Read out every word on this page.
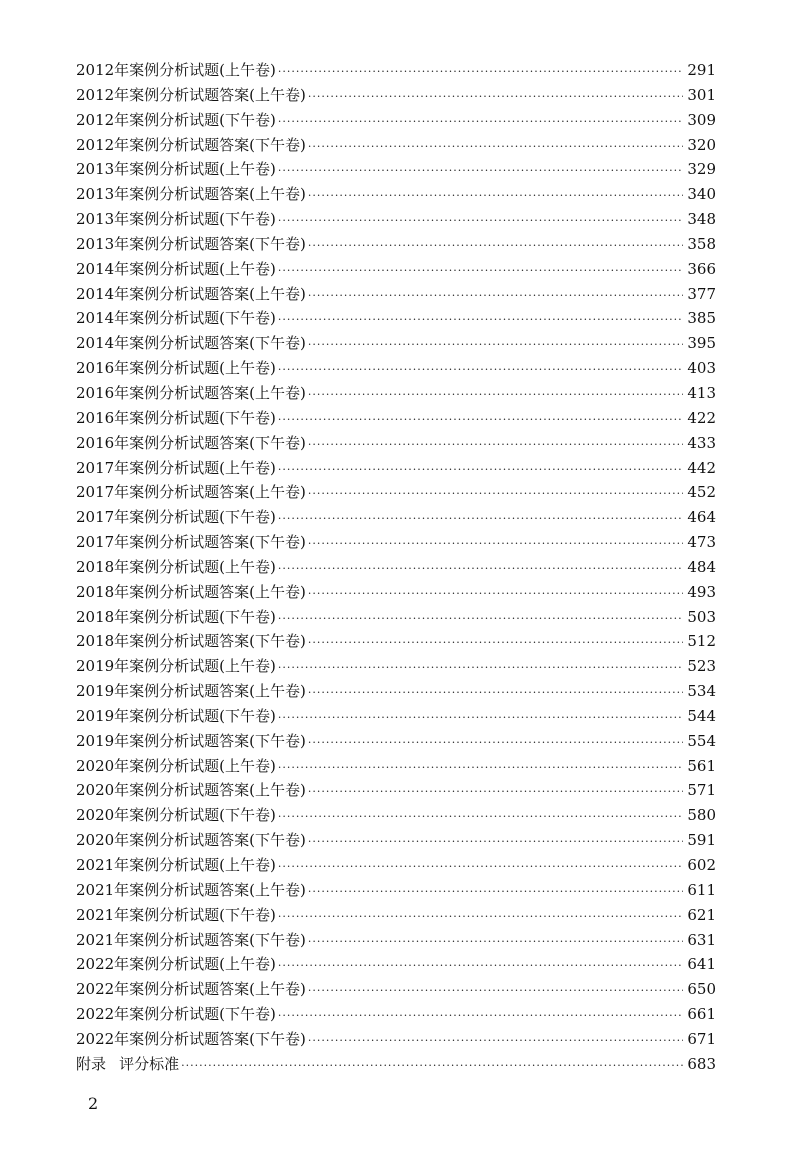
2012年案例分析试题(上午卷) ·····	291
2012年案例分析试题答案(上午卷) ·····	301
2012年案例分析试题(下午卷) ·····	309
2012年案例分析试题答案(下午卷) ·····	320
2013年案例分析试题(上午卷) ·····	329
2013年案例分析试题答案(上午卷) ·····	340
2013年案例分析试题(下午卷) ·····	348
2013年案例分析试题答案(下午卷) ·····	358
2014年案例分析试题(上午卷) ·····	366
2014年案例分析试题答案(上午卷) ·····	377
2014年案例分析试题(下午卷) ·····	385
2014年案例分析试题答案(下午卷) ·····	395
2016年案例分析试题(上午卷) ·····	403
2016年案例分析试题答案(上午卷) ·····	413
2016年案例分析试题(下午卷) ·····	422
2016年案例分析试题答案(下午卷) ·····	433
2017年案例分析试题(上午卷) ·····	442
2017年案例分析试题答案(上午卷) ·····	452
2017年案例分析试题(下午卷) ·····	464
2017年案例分析试题答案(下午卷) ·····	473
2018年案例分析试题(上午卷) ·····	484
2018年案例分析试题答案(上午卷) ·····	493
2018年案例分析试题(下午卷) ·····	503
2018年案例分析试题答案(下午卷) ·····	512
2019年案例分析试题(上午卷) ·····	523
2019年案例分析试题答案(上午卷) ·····	534
2019年案例分析试题(下午卷) ·····	544
2019年案例分析试题答案(下午卷) ·····	554
2020年案例分析试题(上午卷) ·····	561
2020年案例分析试题答案(上午卷) ·····	571
2020年案例分析试题(下午卷) ·····	580
2020年案例分析试题答案(下午卷) ·····	591
2021年案例分析试题(上午卷) ·····	602
2021年案例分析试题答案(上午卷) ·····	611
2021年案例分析试题(下午卷) ·····	621
2021年案例分析试题答案(下午卷) ·····	631
2022年案例分析试题(上午卷) ·····	641
2022年案例分析试题答案(上午卷) ·····	650
2022年案例分析试题(下午卷) ·····	661
2022年案例分析试题答案(下午卷) ·····	671
附录 评分标准 ·····	683
2
